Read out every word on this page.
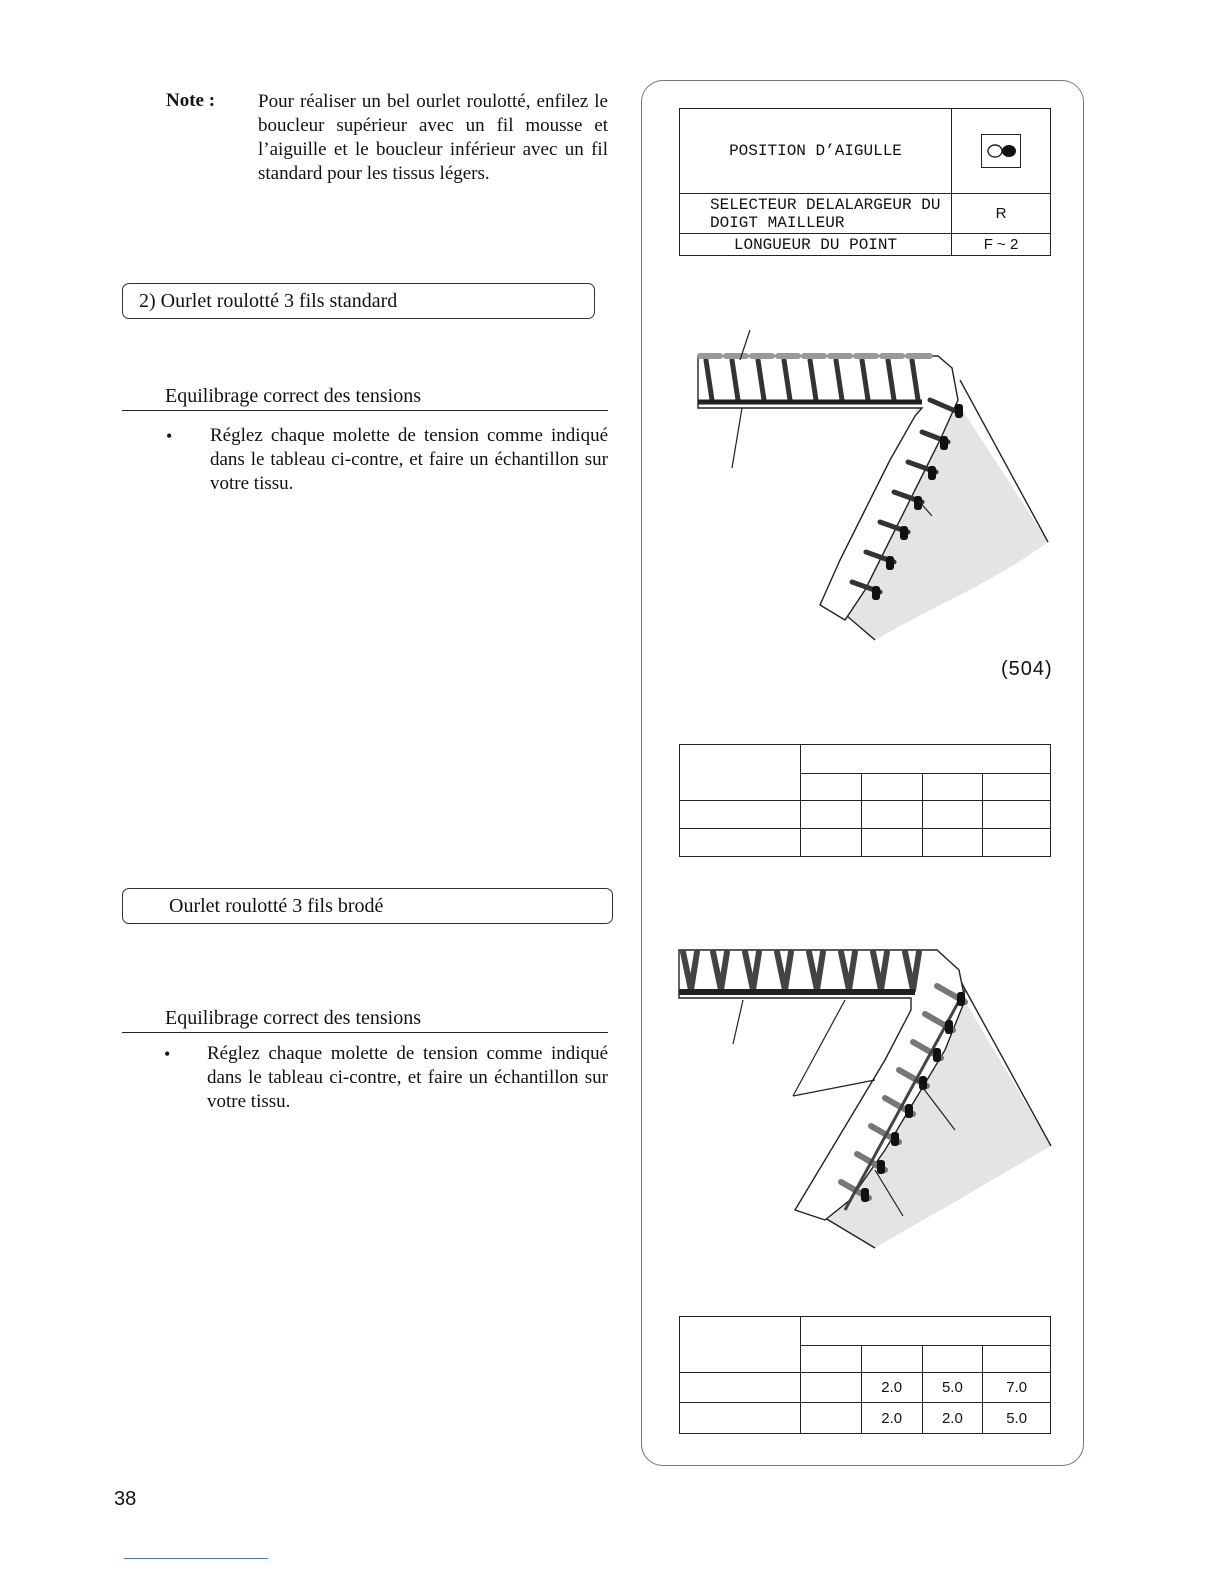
Note : Pour réaliser un bel ourlet roulotté, enfilez le boucleur supérieur avec un fil mousse et l’aiguille et le boucleur inférieur avec un fil standard pour les tissus légers.
2) Ourlet roulotté 3 fils standard
Equilibrage correct des tensions
• Réglez chaque molette de tension comme indiqué dans le tableau ci-contre, et faire un échantillon sur votre tissu.
Ourlet roulotté 3 fils brodé
Equilibrage correct des tensions
• Réglez chaque molette de tension comme indiqué dans le tableau ci-contre, et faire un échantillon sur votre tissu.
38
POSITION D’AIGULLE	
SELECTEUR DELALARGEUR DU DOIGT MAILLEUR	R
LONGUEUR DU POINT	F ~ 2
(504)

		2.0	5.0	7.0
		2.0	2.0	5.0
